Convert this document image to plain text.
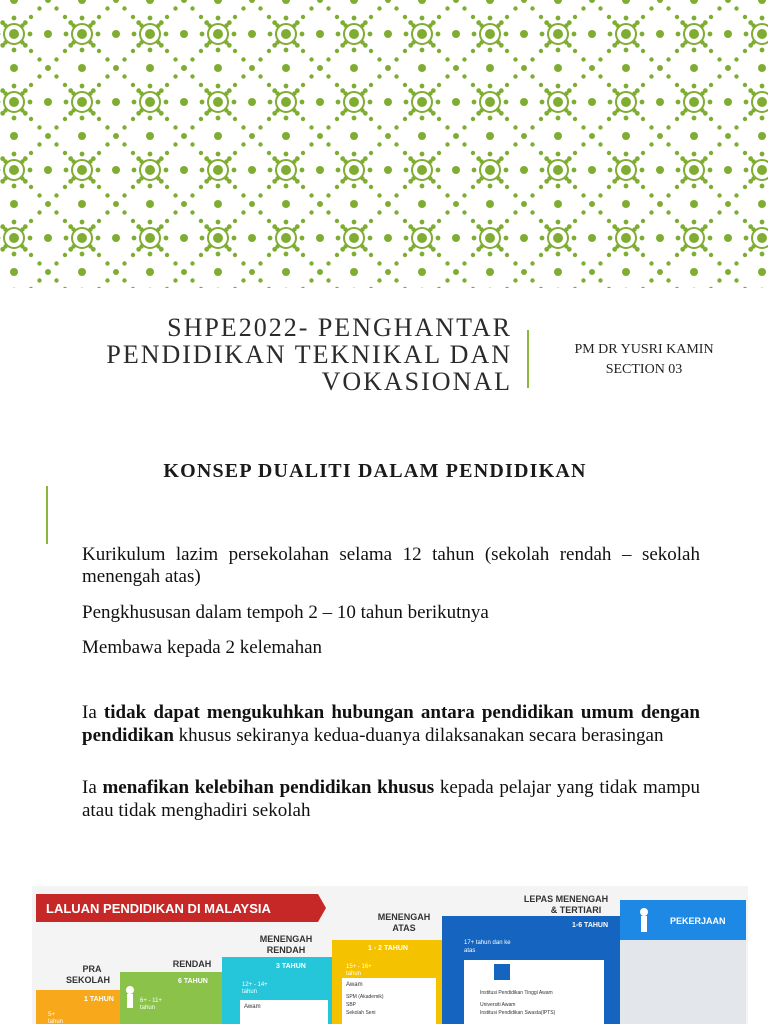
SHPE2022- PENGHANTAR
PENDIDIKAN TEKNIKAL DAN
VOKASIONAL
PM DR YUSRI KAMIN
SECTION 03
KONSEP DUALITI DALAM PENDIDIKAN
Kurikulum lazim persekolahan selama 12 tahun (sekolah rendah – sekolah menengah atas)
Pengkhususan dalam tempoh 2 – 10 tahun berikutnya
Membawa kepada 2 kelemahan
Ia tidak dapat mengukuhkan hubungan antara pendidikan umum dengan pendidikan khusus sekiranya kedua-duanya dilaksanakan secara berasingan
Ia menafikan kelebihan pendidikan khusus kepada pelajar yang tidak mampu atau tidak menghadiri sekolah
LALUAN PENDIDIKAN DI MALAYSIA
PRA
SEKOLAH
1 TAHUN
5+
tahun
RENDAH
6 TAHUN
6+ - 11+
tahun
MENENGAH
RENDAH
3 TAHUN
12+ - 14+
tahun
Awam
MENENGAH
ATAS
1 - 2 TAHUN
15+ - 16+
tahun
Awam
SPM (Akademik)
SBP
Sekolah Seni
LEPAS MENENGAH
& TERTIARI
1-6 TAHUN
17+ tahun dan ke
atas
Institusi Pendidikan Tinggi Awam
Universiti Awam
Institusi Pendidikan Swasta(IPTS)
PEKERJAAN
